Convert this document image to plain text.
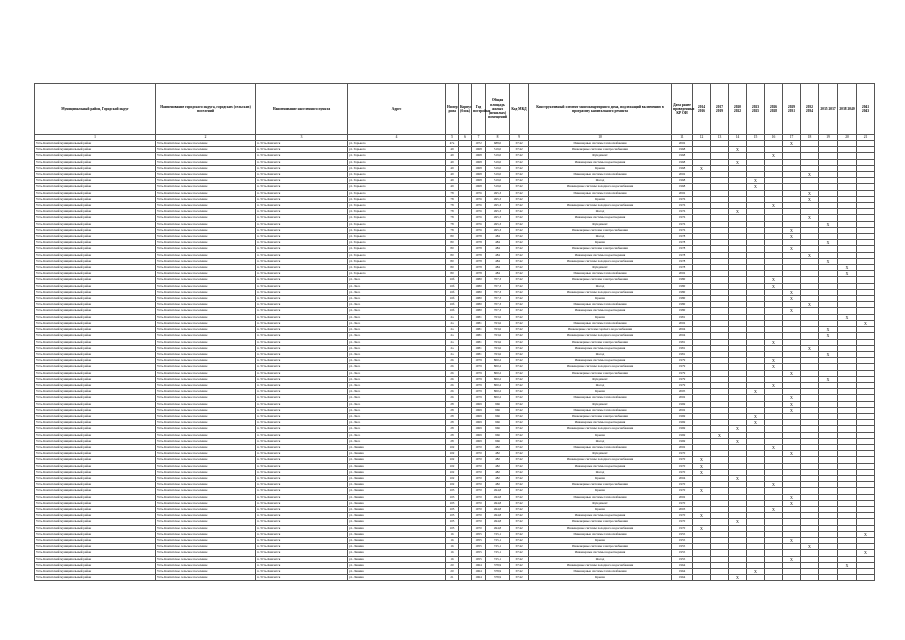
Муниципальный район, Городской округ	Наименование городского округа, городских (сельских) поселений	Наименование населенного пункта	Адрес	Номер дома	Корпус (блок)	Год постройки	Общая площадь жилых (нежилых) помещений	Код МКД	Конструктивный элемент многоквартирного дома, подлежащий включению в программу капитального ремонта	Дата ранее проведенных КР ОИ	2014 2016	2017 2019	2020 2022	2023 2025	2026 2028	2029 2031	2032 2034	2035 2037	2038 2040	2041 2043
1	2	3	4	5	6	7	8	9	10	11	12	13	14	15	16	17	18	19	20	21
Усть-Камчатский муниципальный район	Усть-Камчатское сельское поселение	п. Усть-Камчатск	ул. Горького	47а		1972	688,0	37:42	Инженерные системы теплоснабжения	2002						Х				
Усть-Камчатский муниципальный район	Усть-Камчатское сельское поселение	п. Усть-Камчатск	ул. Горького	49		1968	519,0	37:42	Инженерные системы электроснабжения	1968			Х							
Усть-Камчатский муниципальный район	Усть-Камчатское сельское поселение	п. Усть-Камчатск	ул. Горького	49		1968	519,0	37:42	Фундамент	1968					Х					
Усть-Камчатский муниципальный район	Усть-Камчатское сельское поселение	п. Усть-Камчатск	ул. Горького	49		1968	519,0	37:42	Инженерные системы водоотведения	1968			Х							
Усть-Камчатский муниципальный район	Усть-Камчатское сельское поселение	п. Усть-Камчатск	ул. Горького	49		1968	519,0	37:42	Крыша	1968	Х									
Усть-Камчатский муниципальный район	Усть-Камчатское сельское поселение	п. Усть-Камчатск	ул. Горького	49		1968	519,0	37:42	Инженерные системы теплоснабжения	2002							Х			
Усть-Камчатский муниципальный район	Усть-Камчатское сельское поселение	п. Усть-Камчатск	ул. Горького	49		1968	519,0	37:42	Фасад	1968				Х						
Усть-Камчатский муниципальный район	Усть-Камчатское сельское поселение	п. Усть-Камчатск	ул. Горького	49		1968	519,0	37:42	Инженерные системы холодного водоснабжения	1968				Х						
Усть-Камчатский муниципальный район	Усть-Камчатское сельское поселение	п. Усть-Камчатск	ул. Горького	78		1976	495,3	37:42	Инженерные системы теплоснабжения	2002							Х			
Усть-Камчатский муниципальный район	Усть-Камчатское сельское поселение	п. Усть-Камчатск	ул. Горького	78		1976	495,3	37:42	Крыша	1976							Х			
Усть-Камчатский муниципальный район	Усть-Камчатское сельское поселение	п. Усть-Камчатск	ул. Горького	78		1976	495,3	37:42	Инженерные системы холодного водоснабжения	1976					Х					
Усть-Камчатский муниципальный район	Усть-Камчатское сельское поселение	п. Усть-Камчатск	ул. Горького	78		1976	495,3	37:42	Фасад	1976			Х							
Усть-Камчатский муниципальный район	Усть-Камчатское сельское поселение	п. Усть-Камчатск	ул. Горького	78		1976	495,3	37:42	Инженерные системы водоотведения	1976							Х			
Усть-Камчатский муниципальный район	Усть-Камчатское сельское поселение	п. Усть-Камчатск	ул. Горького	78		1976	495,3	37:42	Фундамент	1976								Х		
Усть-Камчатский муниципальный район	Усть-Камчатское сельское поселение	п. Усть-Камчатск	ул. Горького	78		1976	495,3	37:42	Инженерные системы электроснабжения	1976						Х				
Усть-Камчатский муниципальный район	Усть-Камчатское сельское поселение	п. Усть-Камчатск	ул. Горького	80		1978	484	37:42	Фасад	1978						Х				
Усть-Камчатский муниципальный район	Усть-Камчатское сельское поселение	п. Усть-Камчатск	ул. Горького	80		1978	484	37:42	Крыша	1978								Х		
Усть-Камчатский муниципальный район	Усть-Камчатское сельское поселение	п. Усть-Камчатск	ул. Горького	80		1978	484	37:42	Инженерные системы электроснабжения	1978						Х				
Усть-Камчатский муниципальный район	Усть-Камчатское сельское поселение	п. Усть-Камчатск	ул. Горького	80		1978	484	37:42	Инженерные системы водоотведения	1978							Х			
Усть-Камчатский муниципальный район	Усть-Камчатское сельское поселение	п. Усть-Камчатск	ул. Горького	80		1978	484	37:42	Инженерные системы холодного водоснабжения	1978								Х		
Усть-Камчатский муниципальный район	Усть-Камчатское сельское поселение	п. Усть-Камчатск	ул. Горького	80		1978	484	37:42	Фундамент	1978									Х	
Усть-Камчатский муниципальный район	Усть-Камчатское сельское поселение	п. Усть-Камчатск	ул. Горького	80		1978	484	37:42	Инженерные системы теплоснабжения	2002									Х	
Усть-Камчатский муниципальный район	Усть-Камчатское сельское поселение	п. Усть-Камчатск	ул. Лесо	16б		1980	707,3	37:42	Инженерные системы электроснабжения	1980					Х					
Усть-Камчатский муниципальный район	Усть-Камчатское сельское поселение	п. Усть-Камчатск	ул. Лесо	16б		1980	707,3	37:42	Фасад	1980					Х					
Усть-Камчатский муниципальный район	Усть-Камчатское сельское поселение	п. Усть-Камчатск	ул. Лесо	16б		1980	707,3	37:42	Инженерные системы холодного водоснабжения	1980						Х				
Усть-Камчатский муниципальный район	Усть-Камчатское сельское поселение	п. Усть-Камчатск	ул. Лесо	16б		1980	707,3	37:42	Крыша	1980						Х				
Усть-Камчатский муниципальный район	Усть-Камчатское сельское поселение	п. Усть-Камчатск	ул. Лесо	16б		1980	707,3	37:42	Инженерные системы теплоснабжения	1980							Х			
Усть-Камчатский муниципальный район	Усть-Камчатское сельское поселение	п. Усть-Камчатск	ул. Лесо	16б		1980	707,3	37:42	Инженерные системы водоотведения	1980						Х				
Усть-Камчатский муниципальный район	Усть-Камчатское сельское поселение	п. Усть-Камчатск	ул. Лесо	2а		1981	763,6	37:42	Крыша	1981									Х	
Усть-Камчатский муниципальный район	Усть-Камчатское сельское поселение	п. Усть-Камчатск	ул. Лесо	2а		1981	763,6	37:42	Инженерные системы теплоснабжения	2002										Х
Усть-Камчатский муниципальный район	Усть-Камчатское сельское поселение	п. Усть-Камчатск	ул. Лесо	2а		1981	763,6	37:42	Инженерные системы горячего водоснабжения	2004								Х		
Усть-Камчатский муниципальный район	Усть-Камчатское сельское поселение	п. Усть-Камчатск	ул. Лесо	2а		1981	763,6	37:42	Инженерные системы холодного водоснабжения	2004								Х		
Усть-Камчатский муниципальный район	Усть-Камчатское сельское поселение	п. Усть-Камчатск	ул. Лесо	2а		1981	763,6	37:42	Инженерные системы электроснабжения	1981					Х					
Усть-Камчатский муниципальный район	Усть-Камчатское сельское поселение	п. Усть-Камчатск	ул. Лесо	2а		1981	763,6	37:42	Инженерные системы водоотведения	1981							Х			
Усть-Камчатский муниципальный район	Усть-Камчатское сельское поселение	п. Усть-Камчатск	ул. Лесо	2а		1981	763,6	37:42	Фасад	1981								Х		
Усть-Камчатский муниципальный район	Усть-Камчатское сельское поселение	п. Усть-Камчатск	ул. Лесо	26		1979	800,2	37:42	Инженерные системы водоотведения	1979					Х					
Усть-Камчатский муниципальный район	Усть-Камчатское сельское поселение	п. Усть-Камчатск	ул. Лесо	26		1979	800,2	37:42	Инженерные системы холодного водоснабжения	1979					Х					
Усть-Камчатский муниципальный район	Усть-Камчатское сельское поселение	п. Усть-Камчатск	ул. Лесо	26		1979	800,2	37:42	Инженерные системы электроснабжения	1979						Х				
Усть-Камчатский муниципальный район	Усть-Камчатское сельское поселение	п. Усть-Камчатск	ул. Лесо	26		1979	800,2	37:42	Фундамент	1979								Х		
Усть-Камчатский муниципальный район	Усть-Камчатское сельское поселение	п. Усть-Камчатск	ул. Лесо	26		1979	800,2	37:42	Фасад	1979					Х					
Усть-Камчатский муниципальный район	Усть-Камчатское сельское поселение	п. Усть-Камчатск	ул. Лесо	26		1979	800,2	37:42	Крыша	2005				Х						
Усть-Камчатский муниципальный район	Усть-Камчатское сельское поселение	п. Усть-Камчатск	ул. Лесо	26		1979	800,2	37:42	Инженерные системы теплоснабжения	2002						Х				
Усть-Камчатский муниципальный район	Усть-Камчатское сельское поселение	п. Усть-Камчатск	ул. Лесо	28		1969	966	37:42	Фундамент	1969						Х				
Усть-Камчатский муниципальный район	Усть-Камчатское сельское поселение	п. Усть-Камчатск	ул. Лесо	28		1969	966	37:42	Инженерные системы теплоснабжения	2002						Х				
Усть-Камчатский муниципальный район	Усть-Камчатское сельское поселение	п. Усть-Камчатск	ул. Лесо	28		1969	966	37:42	Инженерные системы электроснабжения	1969				Х						
Усть-Камчатский муниципальный район	Усть-Камчатское сельское поселение	п. Усть-Камчатск	ул. Лесо	28		1969	966	37:42	Инженерные системы водоотведения	1969				Х						
Усть-Камчатский муниципальный район	Усть-Камчатское сельское поселение	п. Усть-Камчатск	ул. Лесо	28		1969	966	37:42	Инженерные системы холодного водоснабжения	1969			Х							
Усть-Камчатский муниципальный район	Усть-Камчатское сельское поселение	п. Усть-Камчатск	ул. Лесо	28		1969	966	37:42	Крыша	1969		Х								
Усть-Камчатский муниципальный район	Усть-Камчатское сельское поселение	п. Усть-Камчатск	ул. Лесо	28		1969	966	37:42	Фасад	1969			Х							
Усть-Камчатский муниципальный район	Усть-Камчатское сельское поселение	п. Усть-Камчатск	ул. Ленина	102		1970	482	37:42	Инженерные системы теплоснабжения	2002					Х					
Усть-Камчатский муниципальный район	Усть-Камчатское сельское поселение	п. Усть-Камчатск	ул. Ленина	102		1970	482	37:42	Фундамент	1970						Х				
Усть-Камчатский муниципальный район	Усть-Камчатское сельское поселение	п. Усть-Камчатск	ул. Ленина	102		1970	482	37:42	Инженерные системы холодного водоснабжения	1970	Х									
Усть-Камчатский муниципальный район	Усть-Камчатское сельское поселение	п. Усть-Камчатск	ул. Ленина	102		1970	482	37:42	Инженерные системы водоотведения	1970	Х									
Усть-Камчатский муниципальный район	Усть-Камчатское сельское поселение	п. Усть-Камчатск	ул. Ленина	102		1970	482	37:42	Фасад	1970	Х									
Усть-Камчатский муниципальный район	Усть-Камчатское сельское поселение	п. Усть-Камчатск	ул. Ленина	102		1970	482	37:42	Крыша	2004			Х							
Усть-Камчатский муниципальный район	Усть-Камчатское сельское поселение	п. Усть-Камчатск	ул. Ленина	102		1970	482	37:42	Инженерные системы электроснабжения	1970					Х					
Усть-Камчатский муниципальный район	Усть-Камчатское сельское поселение	п. Усть-Камчатск	ул. Ленина	103		1970	494,8	37:42	Крыша	1970	Х									
Усть-Камчатский муниципальный район	Усть-Камчатское сельское поселение	п. Усть-Камчатск	ул. Ленина	103		1970	494,8	37:42	Инженерные системы теплоснабжения	2002						Х				
Усть-Камчатский муниципальный район	Усть-Камчатское сельское поселение	п. Усть-Камчатск	ул. Ленина	103		1970	494,8	37:42	Фундамент	1970						Х				
Усть-Камчатский муниципальный район	Усть-Камчатское сельское поселение	п. Усть-Камчатск	ул. Ленина	105		1970	494,8	37:42	Крыша	2003					Х					
Усть-Камчатский муниципальный район	Усть-Камчатское сельское поселение	п. Усть-Камчатск	ул. Ленина	105		1970	494,8	37:42	Инженерные системы водоотведения	1970	Х									
Усть-Камчатский муниципальный район	Усть-Камчатское сельское поселение	п. Усть-Камчатск	ул. Ленина	105		1970	494,8	37:42	Инженерные системы электроснабжения	1970			Х							
Усть-Камчатский муниципальный район	Усть-Камчатское сельское поселение	п. Усть-Камчатск	ул. Ленина	105		1970	494,8	37:42	Инженерные системы холодного водоснабжения	1970	Х									
Усть-Камчатский муниципальный район	Усть-Камчатское сельское поселение	п. Усть-Камчатск	ул. Ленина	16		1955	725,1	37:42	Инженерные системы теплоснабжения	1955										Х
Усть-Камчатский муниципальный район	Усть-Камчатское сельское поселение	п. Усть-Камчатск	ул. Ленина	16		1955	725,1	37:42	Крыша	1955						Х				
Усть-Камчатский муниципальный район	Усть-Камчатское сельское поселение	п. Усть-Камчатск	ул. Ленина	16		1955	725,1	37:42	Инженерные системы электроснабжения	1955							Х			
Усть-Камчатский муниципальный район	Усть-Камчатское сельское поселение	п. Усть-Камчатск	ул. Ленина	16		1955	725,1	37:42	Инженерные системы водоотведения	1955										Х
Усть-Камчатский муниципальный район	Усть-Камчатское сельское поселение	п. Усть-Камчатск	ул. Ленина	16		1955	725,1	37:42	Фасад	1955						Х				
Усть-Камчатский муниципальный район	Усть-Камчатское сельское поселение	п. Усть-Камчатск	ул. Ленина	20		1964	378,9	37:42	Инженерные системы холодного водоснабжения	1964									Х	
Усть-Камчатский муниципальный район	Усть-Камчатское сельское поселение	п. Усть-Камчатск	ул. Ленина	20		1964	378,9	37:42	Инженерные системы теплоснабжения	1964				Х						
Усть-Камчатский муниципальный район	Усть-Камчатское сельское поселение	п. Усть-Камчатск	ул. Ленина	21		1964	378,9	37:42	Крыша	1964			Х							
